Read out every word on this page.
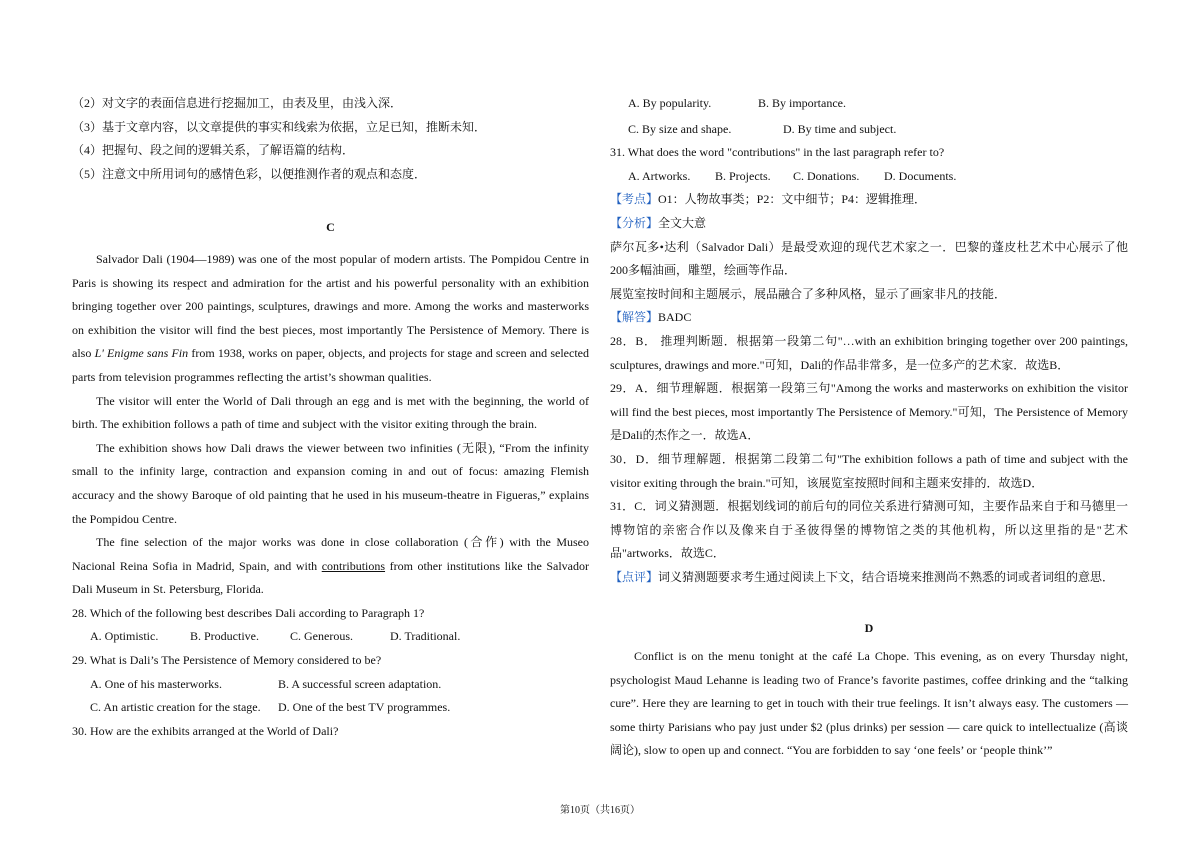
（2）对文字的表面信息进行挖掘加工，由表及里，由浅入深．

（3）基于文章内容，以文章提供的事实和线索为依据，立足已知，推断未知．

（4）把握句、段之间的逻辑关系，了解语篇的结构．

（5）注意文中所用词句的感情色彩，以便推测作者的观点和态度．

C

Salvador Dali (1904—1989) was one of the most popular of modern artists. The Pompidou Centre in Paris is showing its respect and admiration for the artist and his powerful personality with an exhibition bringing together over 200 paintings, sculptures, drawings and more. Among the works and masterworks on exhibition the visitor will find the best pieces, most importantly The Persistence of Memory. There is also L' Enigme sans Fin from 1938, works on paper, objects, and projects for stage and screen and selected parts from television programmes reflecting the artist’s showman qualities.

The visitor will enter the World of Dali through an egg and is met with the beginning, the world of birth. The exhibition follows a path of time and subject with the visitor exiting through the brain.

The exhibition shows how Dali draws the viewer between two infinities (无限), “From the infinity small to the infinity large, contraction and expansion coming in and out of focus: amazing Flemish accuracy and the showy Baroque of old painting that he used in his museum-theatre in Figueras,” explains the Pompidou Centre.

The fine selection of the major works was done in close collaboration (合作) with the Museo Nacional Reina Sofia in Madrid, Spain, and with contributions from other institutions like the Salvador Dali Museum in St. Petersburg, Florida.

28. Which of the following best describes Dali according to Paragraph 1?

A. Optimistic.	B. Productive.	C. Generous.	D. Traditional.

29. What is Dali’s The Persistence of Memory considered to be?

A. One of his masterworks.	B. A successful screen adaptation.

C. An artistic creation for the stage. D. One of the best TV programmes.

30. How are the exhibits arranged at the World of Dali?

A. By popularity.	B. By importance.

C. By size and shape.	D. By time and subject.

31. What does the word "contributions" in the last paragraph refer to?

A. Artworks. B. Projects. C. Donations. D. Documents.

【考点】O1：人物故事类；P2：文中细节；P4：逻辑推理．

【分析】全文大意

萨尔瓦多•达利（Salvador Dali）是最受欢迎的现代艺术家之一．巴黎的蓬皮杜艺术中心展示了他200多幅油画，雕塑，绘画等作品．

展览室按时间和主题展示，展品融合了多种风格，显示了画家非凡的技能．

【解答】BADC

28．B． 推理判断题．根据第一段第二句"…with an exhibition bringing together over 200 paintings, sculptures, drawings and more."可知，Dali的作品非常多，是一位多产的艺术家．故选B．

29．A．细节理解题．根据第一段第三句"Among the works and masterworks on exhibition the visitor will find the best pieces, most importantly The Persistence of Memory."可知，The Persistence of Memory是Dali的杰作之一．故选A．

30．D．细节理解题．根据第二段第二句"The exhibition follows a path of time and subject with the visitor exiting through the brain."可知，该展览室按照时间和主题来安排的．故选D．

31．C．词义猜测题．根据划线词的前后句的同位关系进行猜测可知，主要作品来自于和马德里一博物馆的亲密合作以及像来自于圣彼得堡的博物馆之类的其他机构，所以这里指的是"艺术品"artworks．故选C．

【点评】词义猜测题要求考生通过阅读上下文，结合语境来推测尚不熟悉的词或者词组的意思．

D

Conflict is on the menu tonight at the café La Chope. This evening, as on every Thursday night, psychologist Maud Lehanne is leading two of France’s favorite pastimes, coffee drinking and the “talking cure”. Here they are learning to get in touch with their true feelings. It isn’t always easy. The customers — some thirty Parisians who pay just under $2 (plus drinks) per session — care quick to intellectualize (高谈阔论), slow to open up and connect. “You are forbidden to say ‘one feels’ or ‘people think’”

第10页（共16页）
